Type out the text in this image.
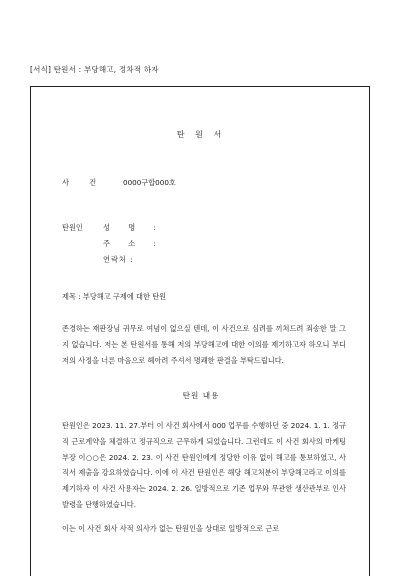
[서식] 탄원서 : 부당해고, 정차적 하자
탄 원 서
사 건 0000구합000호
탄원인	성 명 :
주 소 :
연락처 :
제목 : 부당해고 구제에 대한 탄원
존경하는 재판장님 귀무로 여념이 없으실 텐데, 이 사건으로 심려를 끼쳐드려 죄송한 말 그지 없습니다. 저는 본 탄원서를 통해 저의 부당해고에 대한 이의를 제기하고자 하오니 부디 저의 사정을 너른 마음으로 헤아려 주셔서 명쾌한 판결을 부탁드립니다.
탄원 내용
탄원인은 2023. 11. 27.부터 이 사건 회사에서 000 업무를 수행하던 중 2024. 1. 1. 정규직 근로계약을 체결하고 정규직으로 근무하게 되었습니다. 그런데도 이 사건 회사의 마케팅부장 이○○은 2024. 2. 23. 이 사건 탄원인에게 정당한 이유 없이 해고를 통보하였고, 사직서 제출을 강요하였습니다. 이에 이 사건 탄원인은 해당 해고처분이 부당해고라고 이의를 제기하자 이 사건 사용자는 2024. 2. 26. 일방적으로 기존 업무와 무관한 생산관부로 인사발령을 단행하였습니다.
이는 이 사건 회사 사적 의사가 없는 탄원인을 상대로 일방적으로 근로
